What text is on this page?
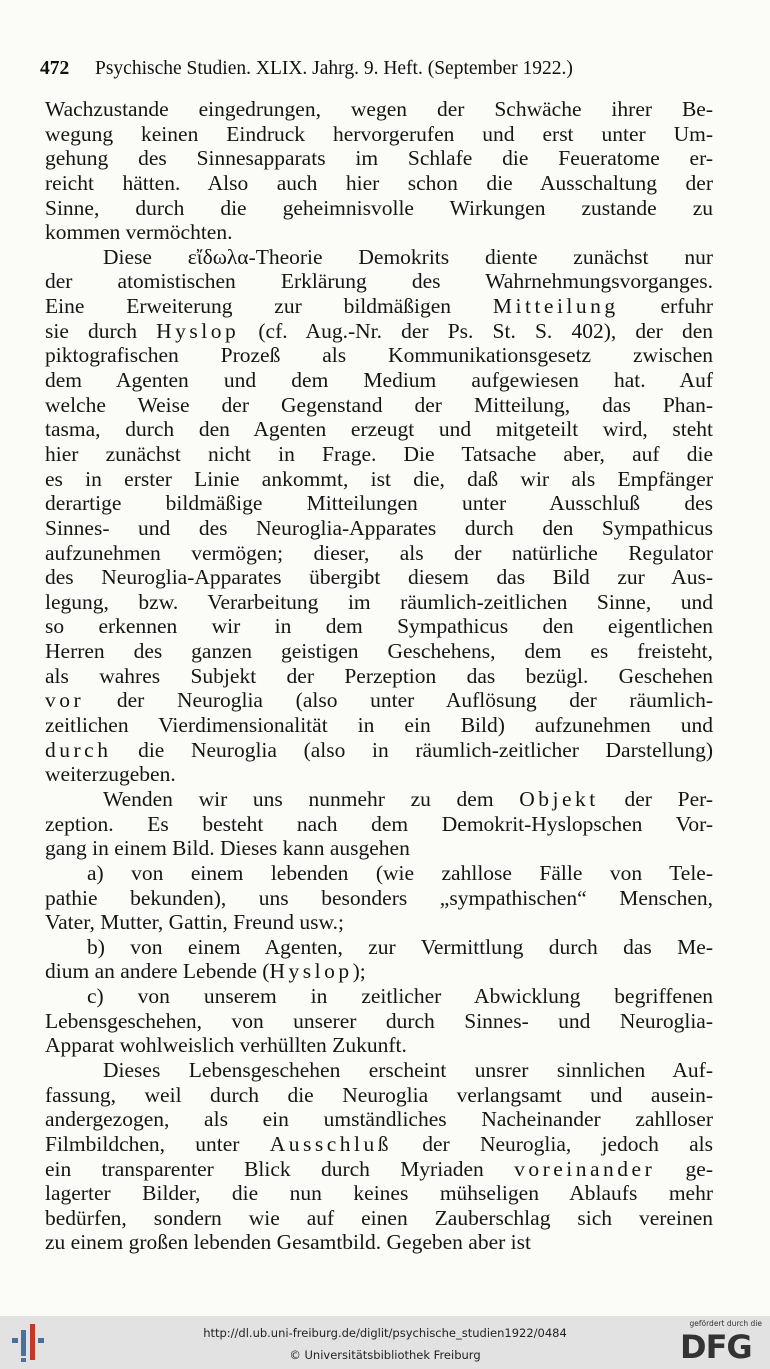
472 Psychische Studien. XLIX. Jahrg. 9. Heft. (September 1922.)
Wachzustande eingedrungen, wegen der Schwäche ihrer Be-
wegung keinen Eindruck hervorgerufen und erst unter Um-
gehung des Sinnesapparats im Schlafe die Feueratome er-
reicht hätten. Also auch hier schon die Ausschaltung der
Sinne, durch die geheimnisvolle Wirkungen zustande zu
kommen vermöchten.
Diese εἴδωλα-Theorie Demokrits diente zunächst nur
der atomistischen Erklärung des Wahrnehmungsvorganges.
Eine Erweiterung zur bildmäßigen Mitteilung erfuhr
sie durch Hyslop (cf. Aug.-Nr. der Ps. St. S. 402), der den
piktografischen Prozeß als Kommunikationsgesetz zwischen
dem Agenten und dem Medium aufgewiesen hat. Auf
welche Weise der Gegenstand der Mitteilung, das Phan-
tasma, durch den Agenten erzeugt und mitgeteilt wird, steht
hier zunächst nicht in Frage. Die Tatsache aber, auf die
es in erster Linie ankommt, ist die, daß wir als Empfänger
derartige bildmäßige Mitteilungen unter Ausschluß des
Sinnes- und des Neuroglia-Apparates durch den Sympathicus
aufzunehmen vermögen; dieser, als der natürliche Regulator
des Neuroglia-Apparates übergibt diesem das Bild zur Aus-
legung, bzw. Verarbeitung im räumlich-zeitlichen Sinne, und
so erkennen wir in dem Sympathicus den eigentlichen
Herren des ganzen geistigen Geschehens, dem es freisteht,
als wahres Subjekt der Perzeption das bezügl. Geschehen
vor der Neuroglia (also unter Auflösung der räumlich-
zeitlichen Vierdimensionalität in ein Bild) aufzunehmen und
durch die Neuroglia (also in räumlich-zeitlicher Darstellung)
weiterzugeben.
Wenden wir uns nunmehr zu dem Objekt der Per-
zeption. Es besteht nach dem Demokrit-Hyslopschen Vor-
gang in einem Bild. Dieses kann ausgehen
a) von einem lebenden (wie zahllose Fälle von Tele-
pathie bekunden), uns besonders „sympathischen“ Menschen,
Vater, Mutter, Gattin, Freund usw.;
b) von einem Agenten, zur Vermittlung durch das Me-
dium an andere Lebende (Hyslop);
c) von unserem in zeitlicher Abwicklung begriffenen
Lebensgeschehen, von unserer durch Sinnes- und Neuroglia-
Apparat wohlweislich verhüllten Zukunft.
Dieses Lebensgeschehen erscheint unsrer sinnlichen Auf-
fassung, weil durch die Neuroglia verlangsamt und ausein-
andergezogen, als ein umständliches Nacheinander zahlloser
Filmbildchen, unter Ausschluß der Neuroglia, jedoch als
ein transparenter Blick durch Myriaden voreinander ge-
lagerter Bilder, die nun keines mühseligen Ablaufs mehr
bedürfen, sondern wie auf einen Zauberschlag sich vereinen
zu einem großen lebenden Gesamtbild. Gegeben aber ist
http://dl.ub.uni-freiburg.de/diglit/psychische_studien1922/0484
© Universitätsbibliothek Freiburg
gefördert durch die
DFG
